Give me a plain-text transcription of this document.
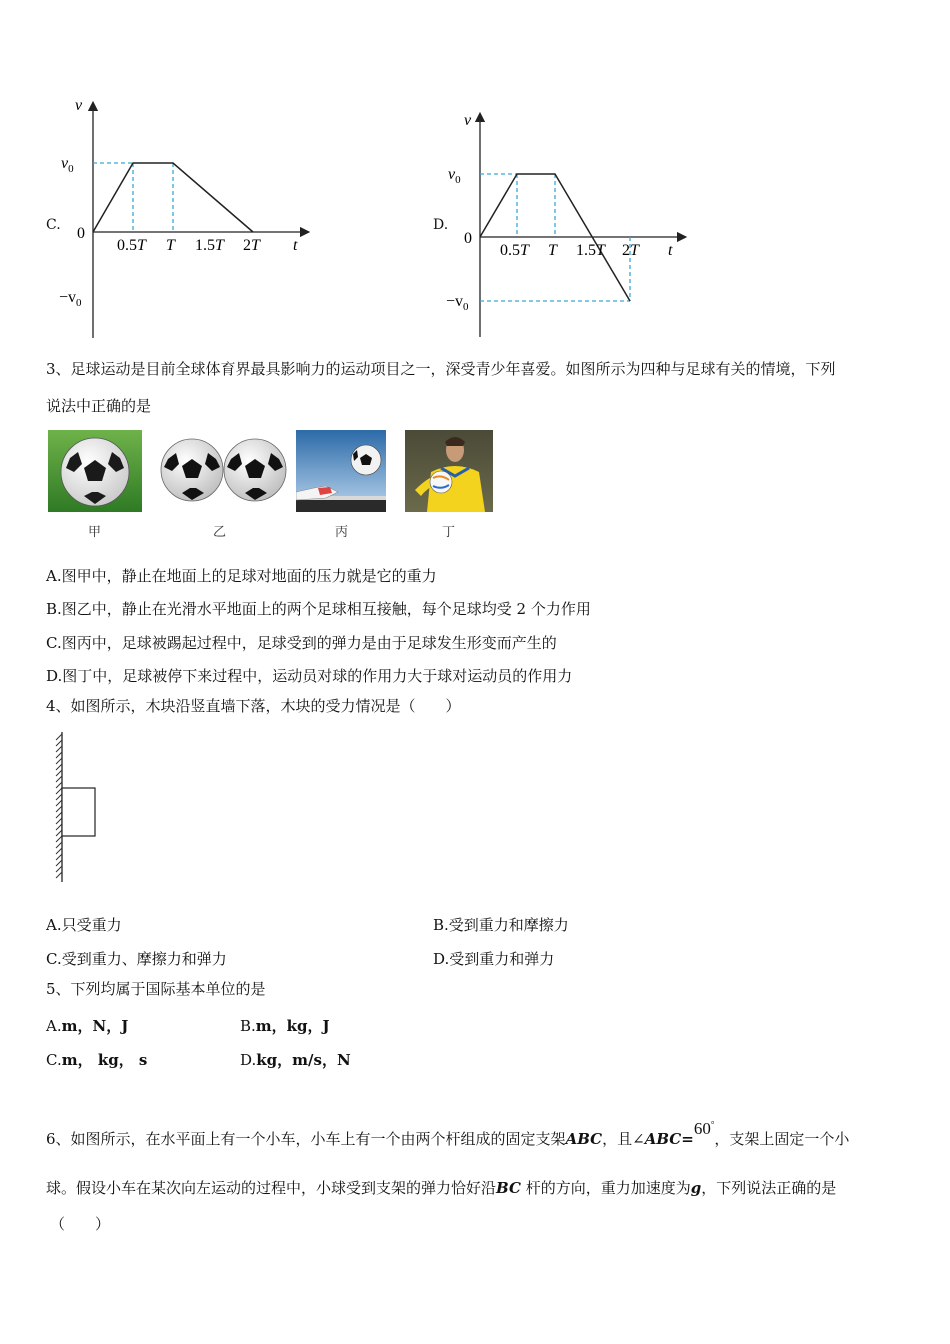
C.
v
t
$v_0$
0
$-v_0$
0.5T T 1.5T 2T
D.
v
t
$v_0$
0
$-v_0$
0.5T T 1.5T 2T
3、足球运动是目前全球体育界最具影响力的运动项目之一，深受青少年喜爱。如图所示为四种与足球有关的情境，下列
说法中正确的是
甲	乙	丙	丁
A.图甲中，静止在地面上的足球对地面的压力就是它的重力
B.图乙中，静止在光滑水平地面上的两个足球相互接触，每个足球均受 2 个力作用
C.图丙中，足球被踢起过程中，足球受到的弹力是由于足球发生形变而产生的
D.图丁中，足球被停下来过程中，运动员对球的作用力大于球对运动员的作用力
4、如图所示，木块沿竖直墙下落，木块的受力情况是（　　）
A.只受重力	B.受到重力和摩擦力
C.受到重力、摩擦力和弹力	D.受到重力和弹力
5、下列均属于国际基本单位的是
A.m，N，J	B.m，kg，J
C.m， kg， s	D.kg，m/s，N
6、如图所示，在水平面上有一个小车，小车上有一个由两个杆组成的固定支架ABC，且∠ABC=60°，支架上固定一个小
球。假设小车在某次向左运动的过程中，小球受到支架的弹力恰好沿BC 杆的方向，重力加速度为g，下列说法正确的是
（　　）
